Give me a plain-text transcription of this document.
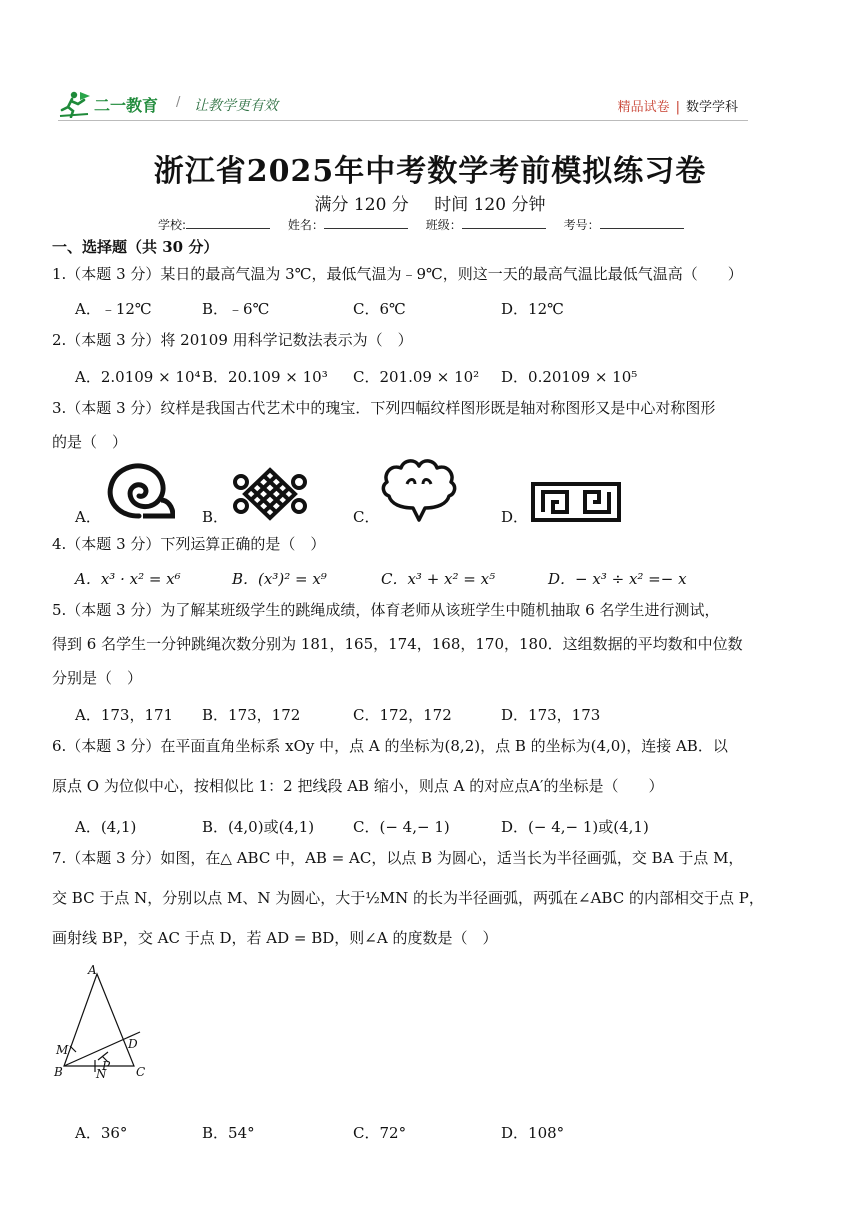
二一教育 / 让教学更有效	精品试卷 | 数学学科
浙江省2025年中考数学考前模拟练习卷
满分 120 分 时间 120 分钟
学校:	姓名：	班级：	考号：
一、选择题（共 30 分）
1.（本题 3 分）某日的最高气温为 3℃，最低气温为﹣9℃，则这一天的最高气温比最低气温高（　　）
A．﹣12℃	B．﹣6℃	C．6℃	D．12℃
2.（本题 3 分）将 20109 用科学记数法表示为（　）
A．2.0109 × 10⁴ B．20.109 × 10³ C．201.09 × 10² D．0.20109 × 10⁵
3.（本题 3 分）纹样是我国古代艺术中的瑰宝．下列四幅纹样图形既是轴对称图形又是中心对称图形
的是（　）
A．	B．	C．	D．
4.（本题 3 分）下列运算正确的是（　）
A．x³ · x² = x⁶	B．(x³)² = x⁹	C．x³ + x² = x⁵	D．− x³ ÷ x² =− x
5.（本题 3 分）为了解某班级学生的跳绳成绩，体育老师从该班学生中随机抽取 6 名学生进行测试，
得到 6 名学生一分钟跳绳次数分别为 181，165，174，168，170，180．这组数据的平均数和中位数
分别是（　）
A．173，171 B．173，172	C．172，172	D．173，173
6.（本题 3 分）在平面直角坐标系 xOy 中，点 A 的坐标为(8,2)，点 B 的坐标为(4,0)，连接 AB．以
原点 O 为位似中心，按相似比 1：2 把线段 AB 缩小，则点 A 的对应点A′的坐标是（　　）
A．(4,1)	B．(4,0)或(4,1)	C．(− 4,− 1)	D．(− 4,− 1)或(4,1)
7.（本题 3 分）如图，在△ ABC 中，AB = AC，以点 B 为圆心，适当长为半径画弧，交 BA 于点 M，
交 BC 于点 N，分别以点 M、N 为圆心，大于½MN 的长为半径画弧，两弧在∠ABC 的内部相交于点 P，
画射线 BP，交 AC 于点 D，若 AD = BD，则∠A 的度数是（　）
A
B	C
D
M
N
P
A．36°	B．54°	C．72°	D．108°
